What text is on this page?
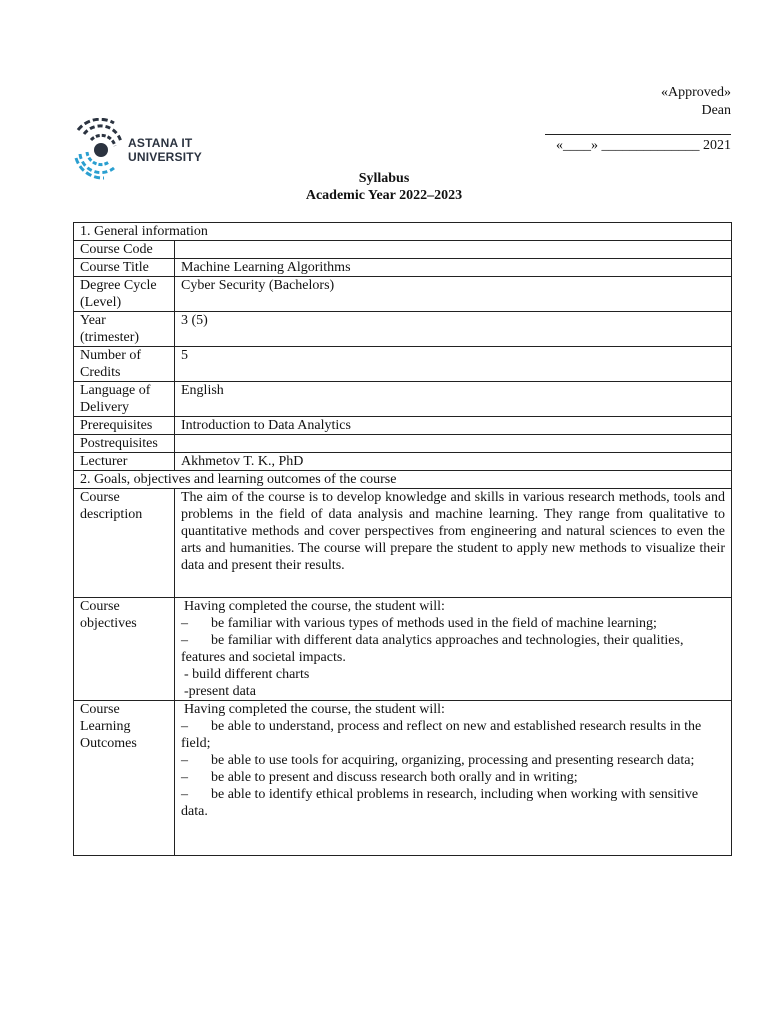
«Approved»
Dean
«____» ______________ 2021
ASTANA IT
UNIVERSITY
Syllabus
Academic Year 2022–2023
1. General information	
Course Code	
Course Title	Machine Learning Algorithms
Degree Cycle (Level)	Cyber Security (Bachelors)
Year (trimester)	3 (5)
Number of Credits	5
Language of Delivery	English
Prerequisites	Introduction to Data Analytics
Postrequisites	
Lecturer	Akhmetov T. K., PhD
2. Goals, objectives and learning outcomes of the course	
Course description	The aim of the course is to develop knowledge and skills in various research methods, tools and problems in the field of data analysis and machine learning. They range from qualitative to quantitative methods and cover perspectives from engineering and natural sciences to even the arts and humanities. The course will prepare the student to apply new methods to visualize their data and present their results.
Course objectives	Having completed the course, the student will:
– be familiar with various types of methods used in the field of machine learning;
– be familiar with different data analytics approaches and technologies, their qualities, features and societal impacts.
- build different charts
-present data

Course Learning Outcomes	Having completed the course, the student will:
– be able to understand, process and reflect on new and established research results in the field;
– be able to use tools for acquiring, organizing, processing and presenting research data;
– be able to present and discuss research both orally and in writing;
– be able to identify ethical problems in research, including when working with sensitive data.
